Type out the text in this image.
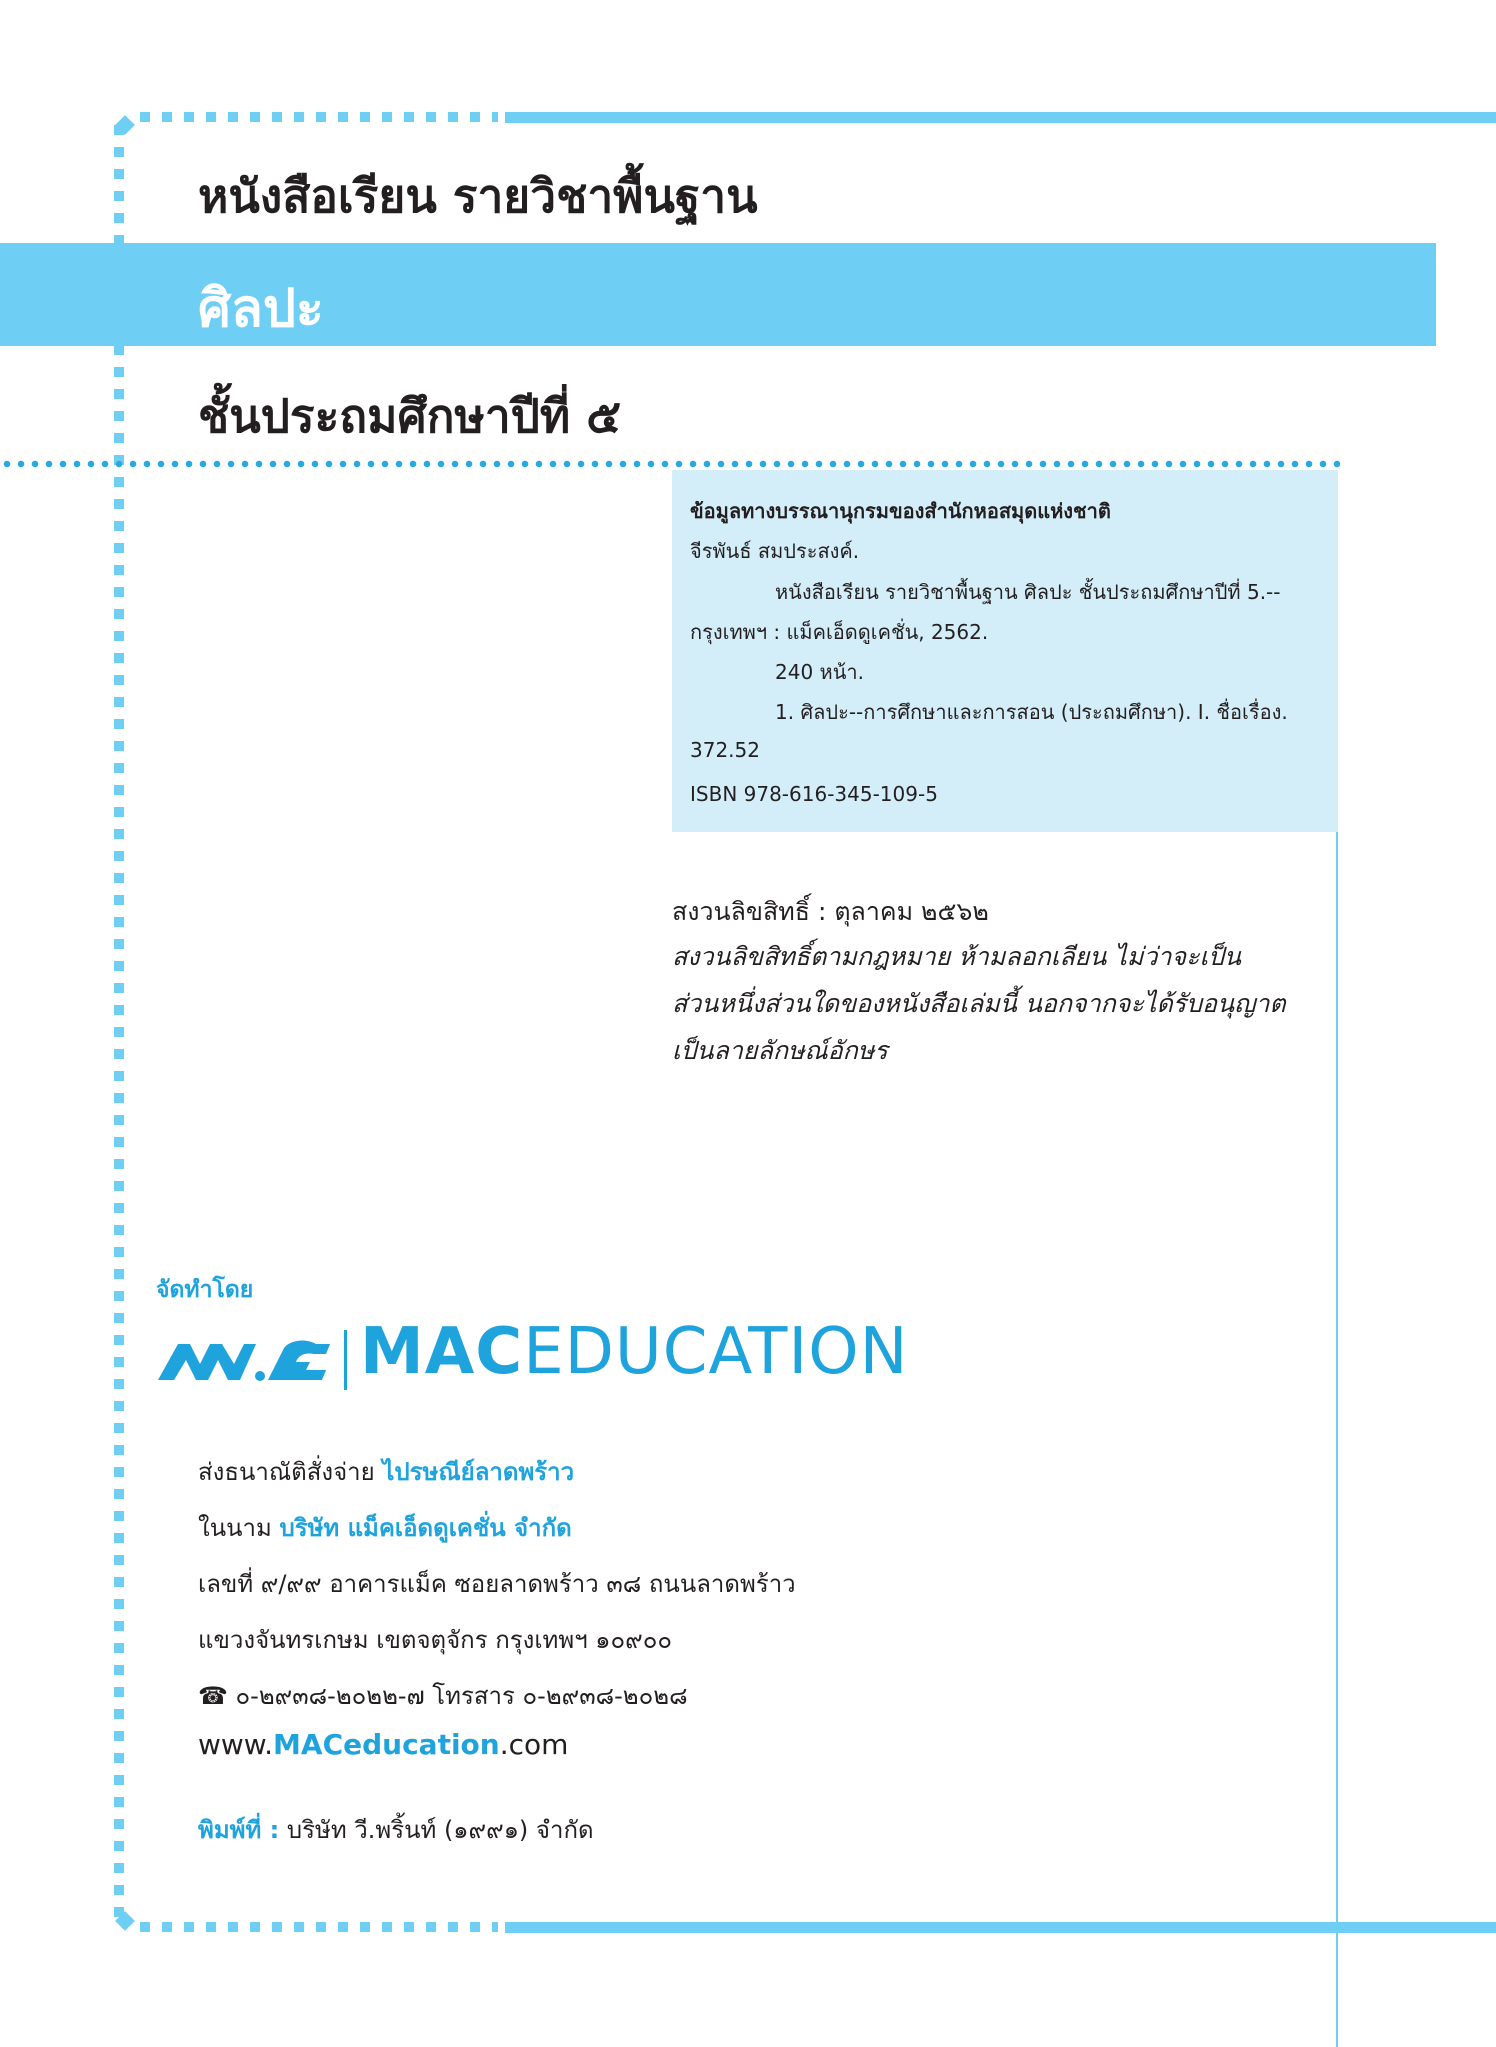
หนังสือเรียน รายวิชาพื้นฐาน
ศิลปะ
ชั้นประถมศึกษาปีที่ ๕
ข้อมูลทางบรรณานุกรมของสำนักหอสมุดแห่งชาติ
จีรพันธ์ สมประสงค์.
หนังสือเรียน รายวิชาพื้นฐาน ศิลปะ ชั้นประถมศึกษาปีที่ 5.--
กรุงเทพฯ : แม็คเอ็ดดูเคชั่น, 2562.
240 หน้า.
1. ศิลปะ--การศึกษาและการสอน (ประถมศึกษา). I. ชื่อเรื่อง.
372.52
ISBN 978-616-345-109-5
สงวนลิขสิทธิ์ : ตุลาคม ๒๕๖๒
สงวนลิขสิทธิ์ตามกฎหมาย ห้ามลอกเลียน ไม่ว่าจะเป็น
ส่วนหนึ่งส่วนใดของหนังสือเล่มนี้ นอกจากจะได้รับอนุญาต
เป็นลายลักษณ์อักษร
จัดทำโดย
MACEDUCATION
ส่งธนาณัติสั่งจ่าย ไปรษณีย์ลาดพร้าว
ในนาม บริษัท แม็คเอ็ดดูเคชั่น จำกัด
เลขที่ ๙/๙๙ อาคารแม็ค ซอยลาดพร้าว ๓๘ ถนนลาดพร้าว
แขวงจันทรเกษม เขตจตุจักร กรุงเทพฯ ๑๐๙๐๐
☎ ๐-๒๙๓๘-๒๐๒๒-๗ โทรสาร ๐-๒๙๓๘-๒๐๒๘
www.MACeducation.com
พิมพ์ที่ : บริษัท วี.พริ้นท์ (๑๙๙๑) จำกัด
